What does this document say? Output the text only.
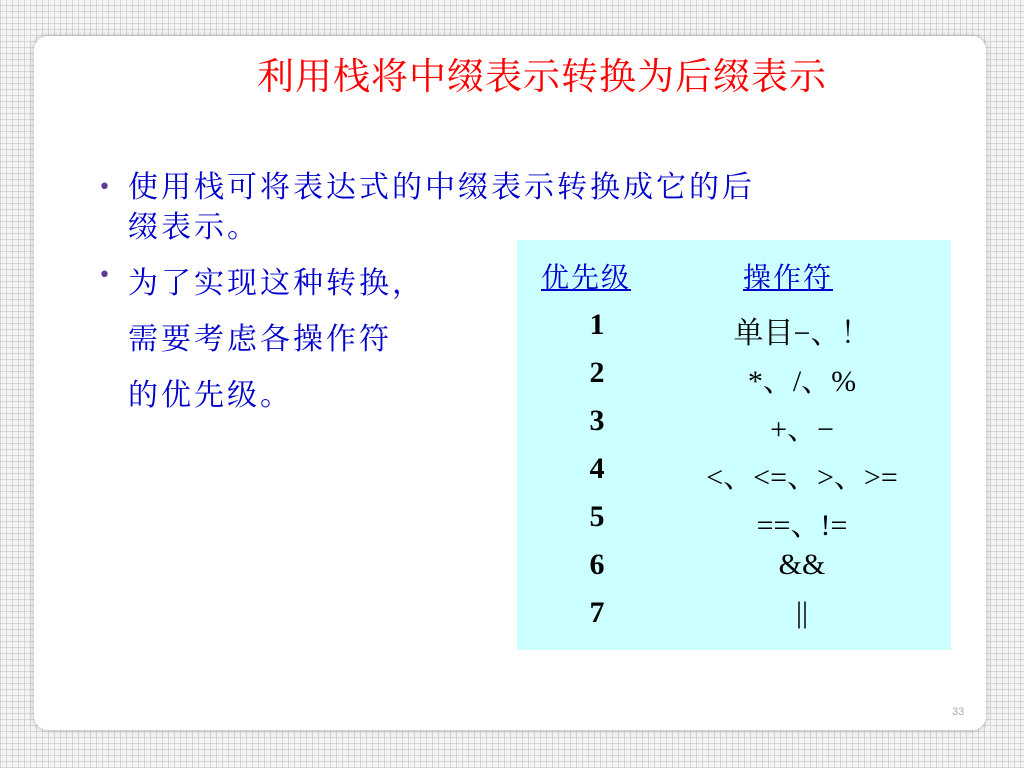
利用栈将中缀表示转换为后缀表示
• 使用栈可将表达式的中缀表示转换成它的后
缀表示。
• 为了实现这种转换，
需要考虑各操作符
的优先级。
优先级	操作符
1	单目−、！
2	*、/、%
3	+、−
4	<、<=、>、>=
5	==、!=
6	&&
7	||
33
